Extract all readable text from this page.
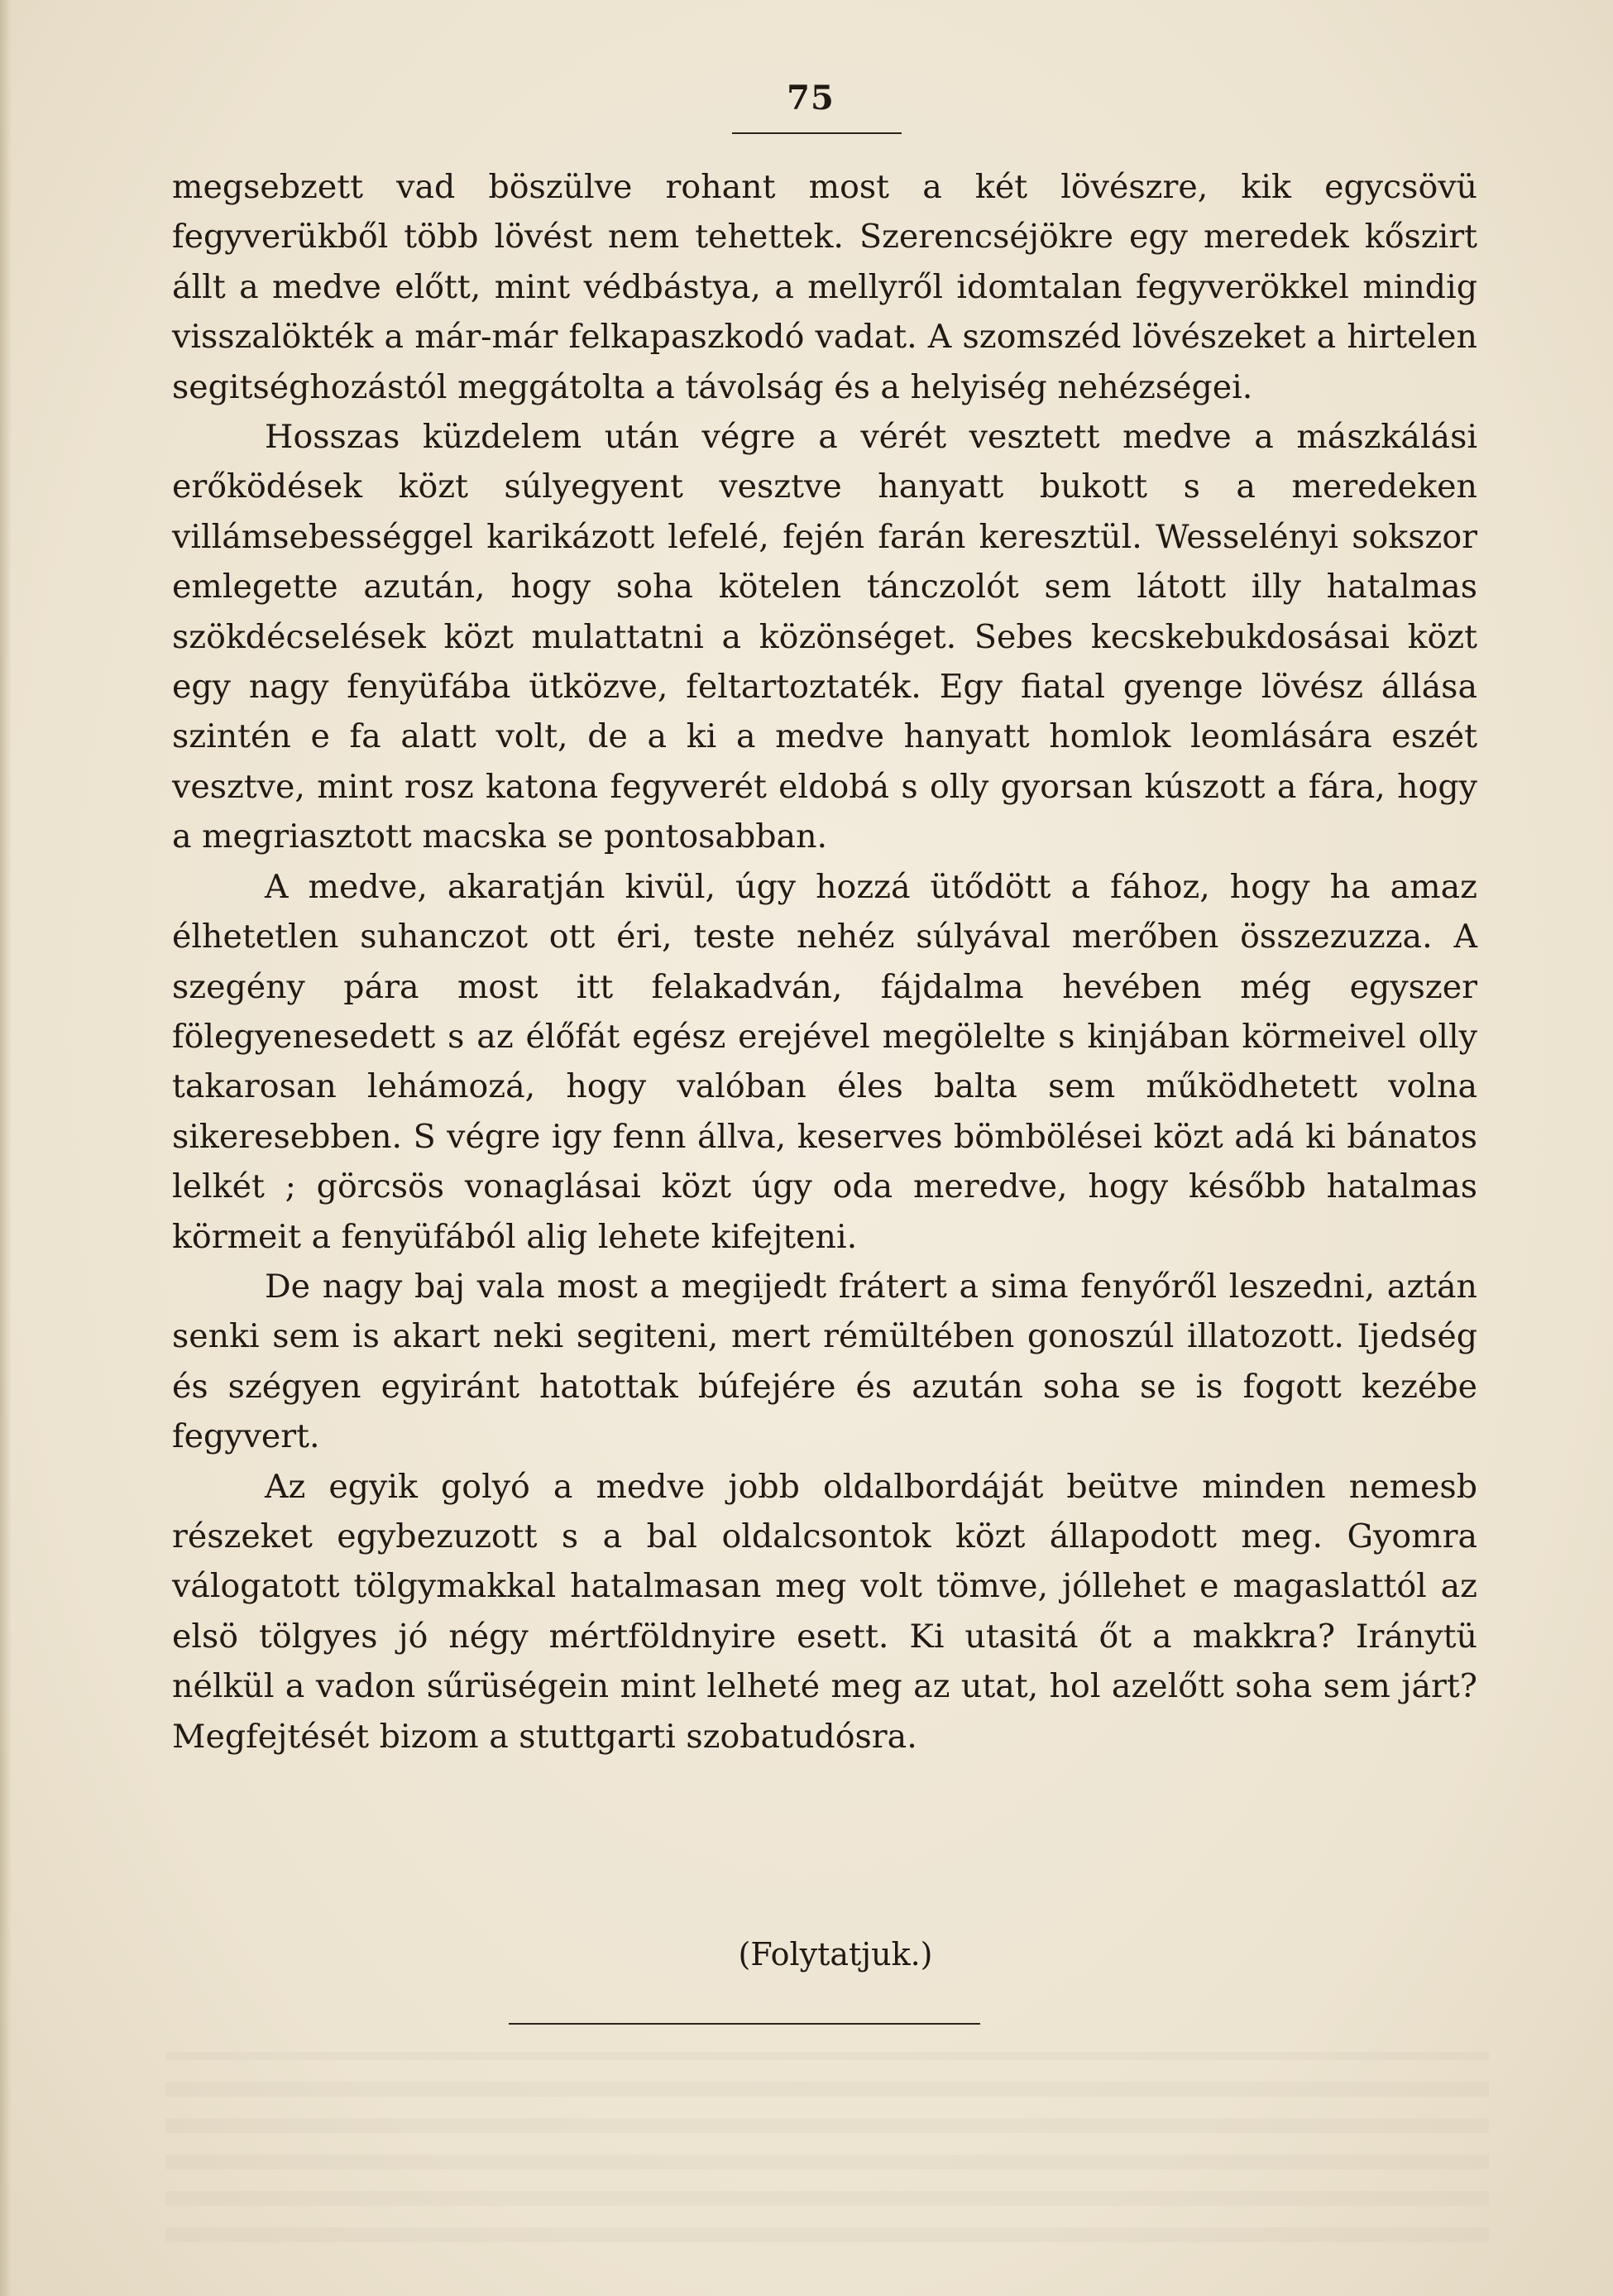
75

megsebzett vad böszülve rohant most a két lövészre, kik egycsövü fegyverükből több lövést nem tehettek. Szerencséjökre egy meredek kőszirt állt a medve előtt, mint védbástya, a mellyről idomtalan fegyverökkel mindig visszalökték a már-már felkapaszkodó vadat. A szomszéd lövészeket a hirtelen segitséghozástól meggátolta a távolság és a helyiség nehézségei.

Hosszas küzdelem után végre a vérét vesztett medve a mászkálási erőködések közt súlyegyent vesztve hanyatt bukott s a meredeken villámsebességgel karikázott lefelé, fején farán keresztül. Wesselényi sokszor emlegette azután, hogy soha kötelen tánczolót sem látott illy hatalmas szökdécselések közt mulattatni a közönséget. Sebes kecskebukdosásai közt egy nagy fenyüfába ütközve, feltartoztaték. Egy fiatal gyenge lövész állása szintén e fa alatt volt, de a ki a medve hanyatt homlok leomlására eszét vesztve, mint rosz katona fegyverét eldobá s olly gyorsan kúszott a fára, hogy a megriasztott macska se pontosabban.

A medve, akaratján kivül, úgy hozzá ütődött a fához, hogy ha amaz élhetetlen suhanczot ott éri, teste nehéz súlyával merőben összezuzza. A szegény pára most itt felakadván, fájdalma hevében még egyszer fölegyenesedett s az élőfát egész erejével megölelte s kinjában körmeivel olly takarosan lehámozá, hogy valóban éles balta sem működhetett volna sikeresebben. S végre igy fenn állva, keserves bömbölései közt adá ki bánatos lelkét ; görcsös vonaglásai közt úgy oda meredve, hogy később hatalmas körmeit a fenyüfából alig lehete kifejteni.

De nagy baj vala most a megijedt frátert a sima fenyőről leszedni, aztán senki sem is akart neki segiteni, mert rémültében gonoszúl illatozott. Ijedség és szégyen egyiránt hatottak búfejére és azután soha se is fogott kezébe fegyvert.

Az egyik golyó a medve jobb oldalbordáját beütve minden nemesb részeket egybezuzott s a bal oldalcsontok közt állapodott meg. Gyomra válogatott tölgymakkal hatalmasan meg volt tömve, jóllehet e magaslattól az elsö tölgyes jó négy mértföldnyire esett. Ki utasitá őt a makkra? Iránytü nélkül a vadon sűrüségein mint lelheté meg az utat, hol azelőtt soha sem járt? Megfejtését bizom a stuttgarti szobatudósra.

(Folytatjuk.)
